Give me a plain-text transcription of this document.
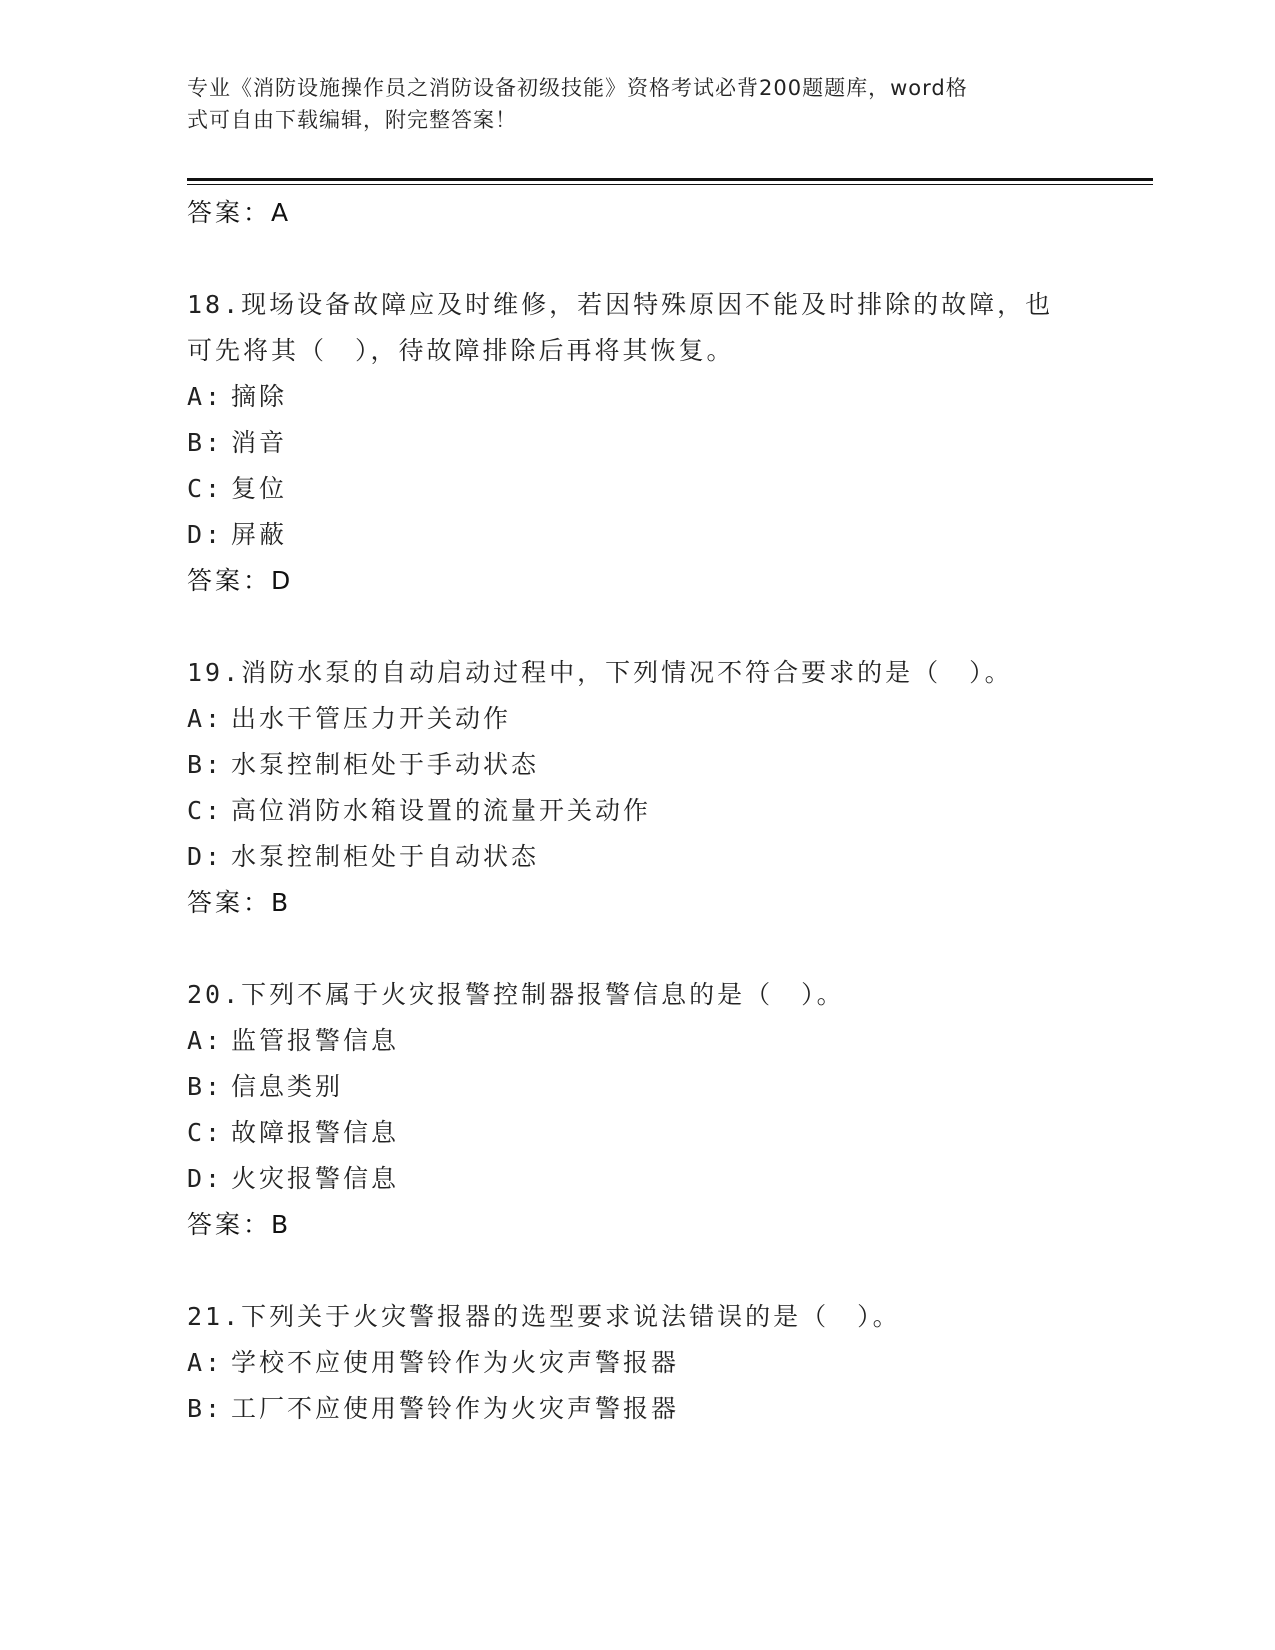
专业《消防设施操作员之消防设备初级技能》资格考试必背200题题库，word格
式可自由下载编辑，附完整答案！
答案：A
18.现场设备故障应及时维修，若因特殊原因不能及时排除的故障，也
可先将其（　），待故障排除后再将其恢复。
A: 摘除
B: 消音
C: 复位
D: 屏蔽
答案：D
19.消防水泵的自动启动过程中，下列情况不符合要求的是（　）。
A: 出水干管压力开关动作
B: 水泵控制柜处于手动状态
C: 高位消防水箱设置的流量开关动作
D: 水泵控制柜处于自动状态
答案：B
20.下列不属于火灾报警控制器报警信息的是（　）。
A: 监管报警信息
B: 信息类别
C: 故障报警信息
D: 火灾报警信息
答案：B
21.下列关于火灾警报器的选型要求说法错误的是（　）。
A: 学校不应使用警铃作为火灾声警报器
B: 工厂不应使用警铃作为火灾声警报器
